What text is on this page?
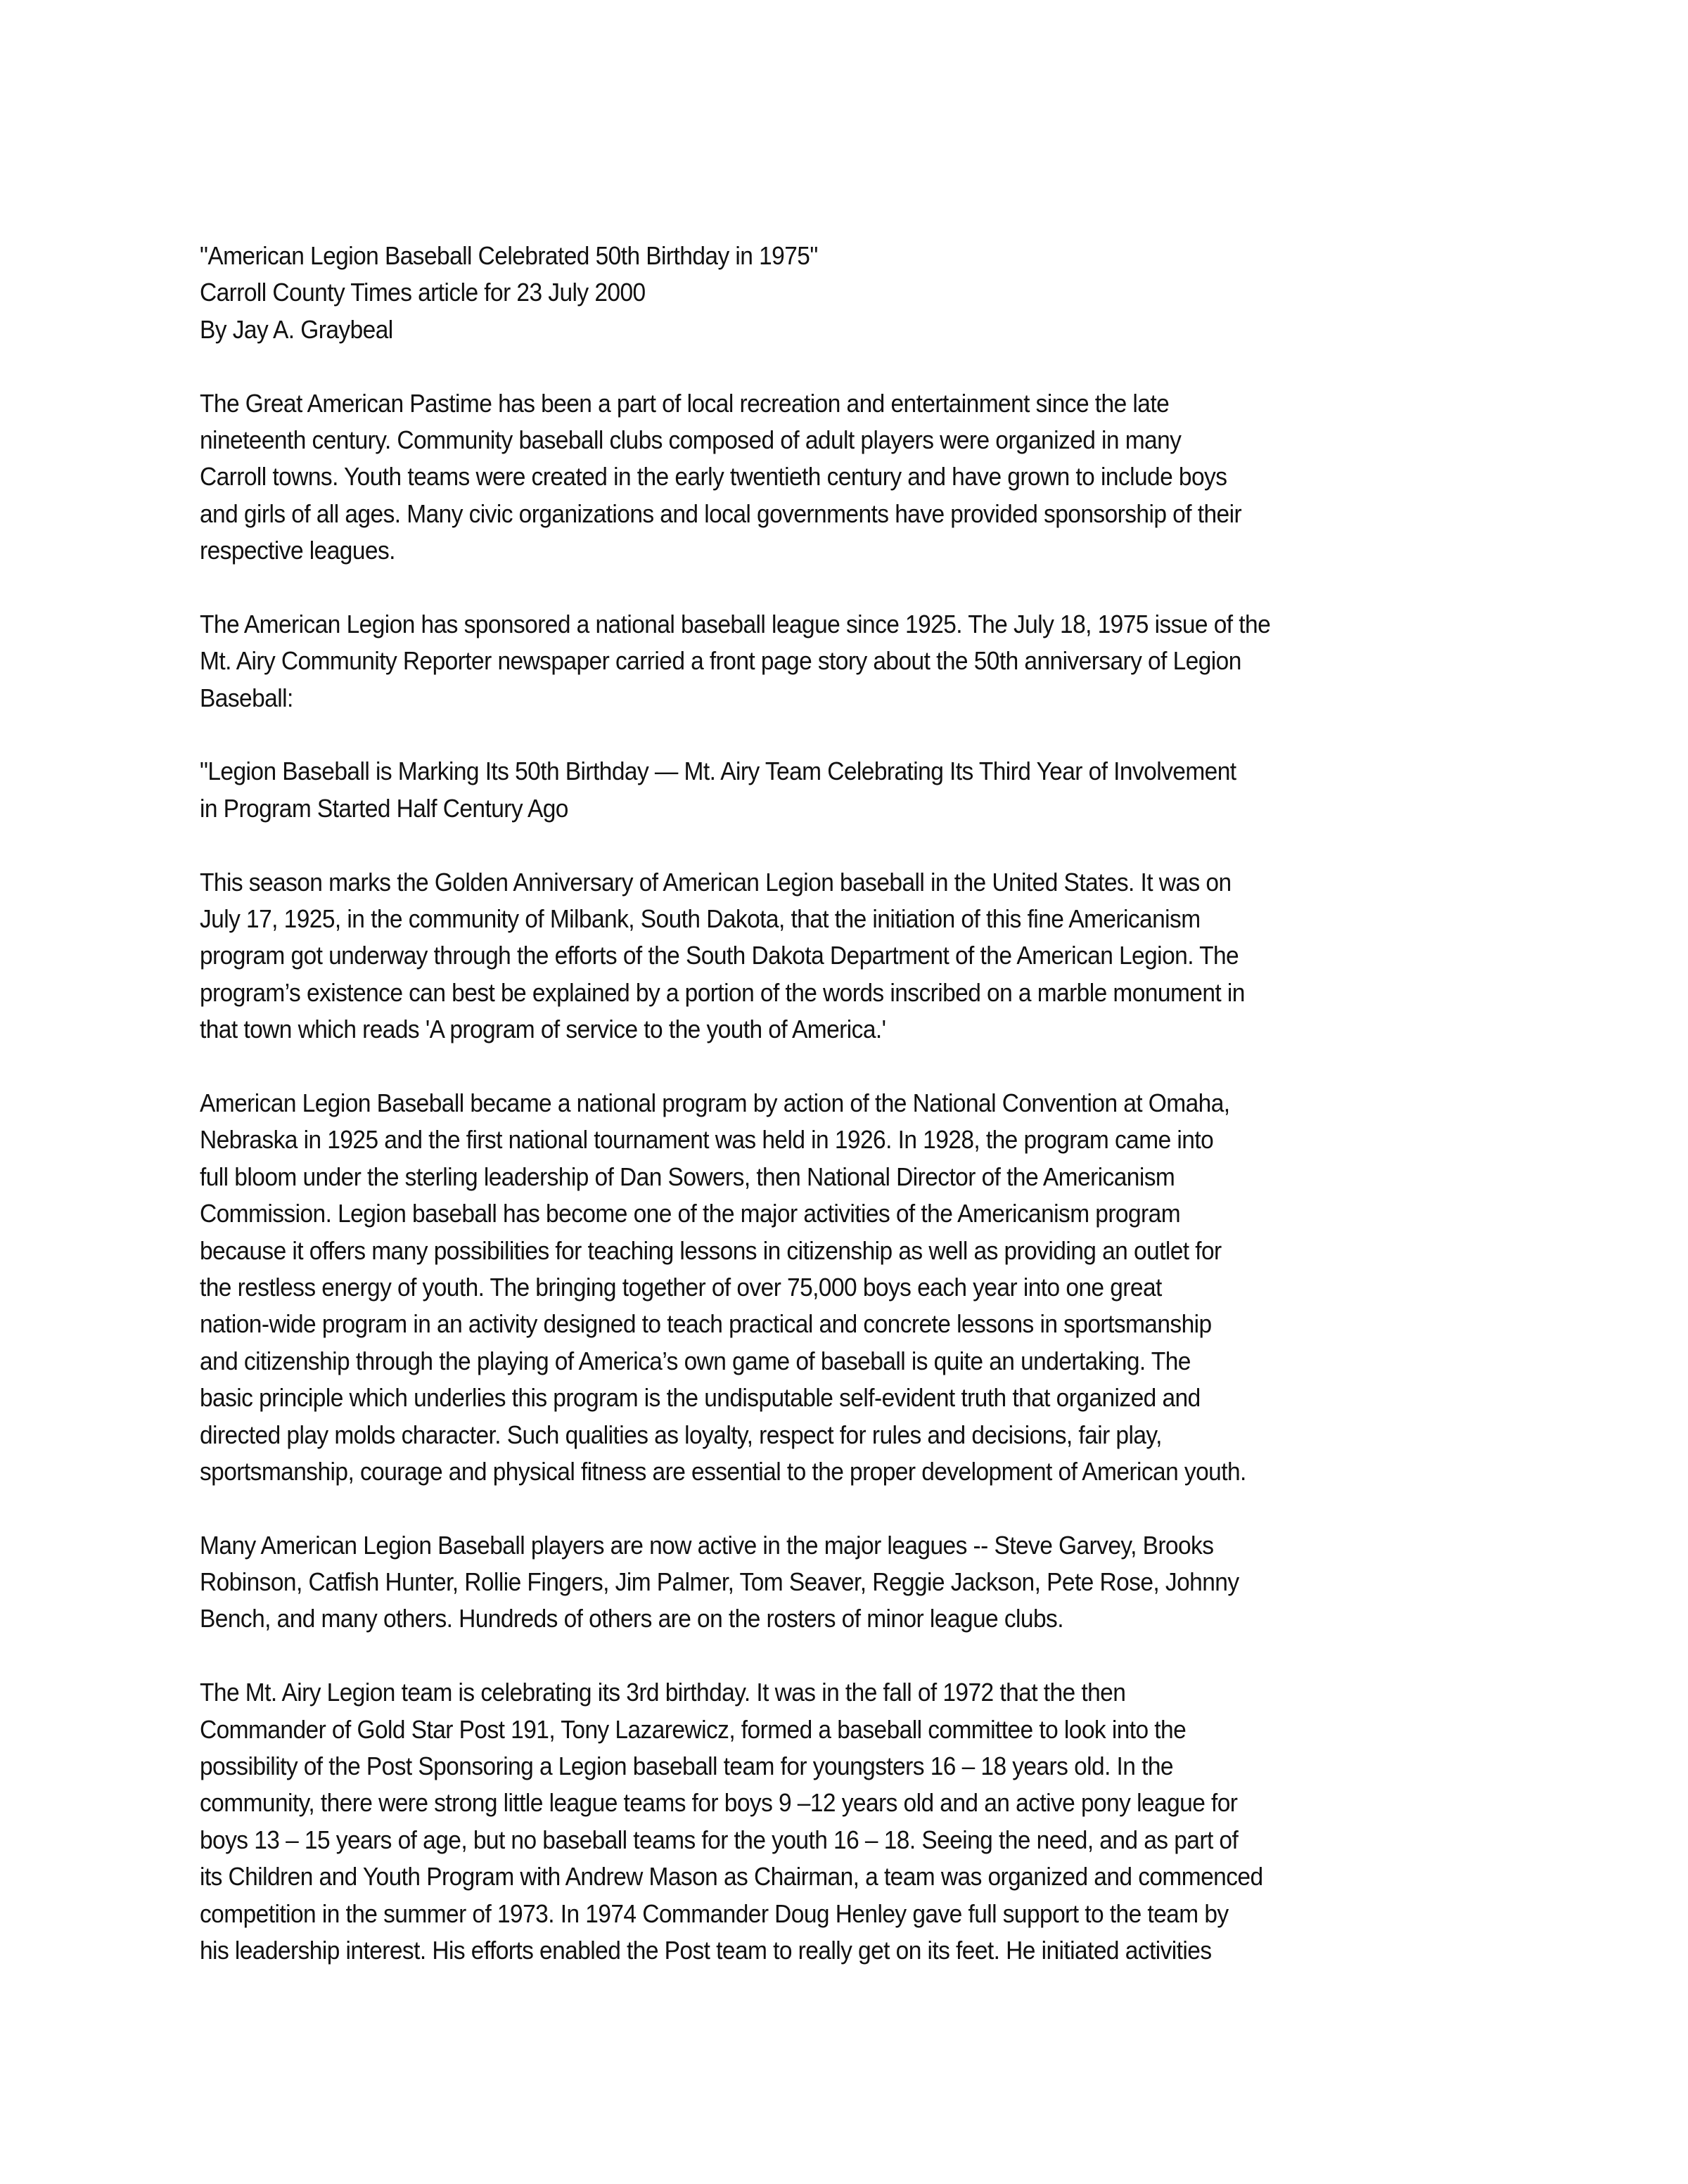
"American Legion Baseball Celebrated 50th Birthday in 1975"
Carroll County Times article for 23 July 2000
By Jay A. Graybeal
The Great American Pastime has been a part of local recreation and entertainment since the late
nineteenth century. Community baseball clubs composed of adult players were organized in many
Carroll towns. Youth teams were created in the early twentieth century and have grown to include boys
and girls of all ages. Many civic organizations and local governments have provided sponsorship of their
respective leagues.
The American Legion has sponsored a national baseball league since 1925. The July 18, 1975 issue of the
Mt. Airy Community Reporter newspaper carried a front page story about the 50th anniversary of Legion
Baseball:
"Legion Baseball is Marking Its 50th Birthday — Mt. Airy Team Celebrating Its Third Year of Involvement
in Program Started Half Century Ago
This season marks the Golden Anniversary of American Legion baseball in the United States. It was on
July 17, 1925, in the community of Milbank, South Dakota, that the initiation of this fine Americanism
program got underway through the efforts of the South Dakota Department of the American Legion. The
program’s existence can best be explained by a portion of the words inscribed on a marble monument in
that town which reads 'A program of service to the youth of America.'
American Legion Baseball became a national program by action of the National Convention at Omaha,
Nebraska in 1925 and the first national tournament was held in 1926. In 1928, the program came into
full bloom under the sterling leadership of Dan Sowers, then National Director of the Americanism
Commission. Legion baseball has become one of the major activities of the Americanism program
because it offers many possibilities for teaching lessons in citizenship as well as providing an outlet for
the restless energy of youth. The bringing together of over 75,000 boys each year into one great
nation-wide program in an activity designed to teach practical and concrete lessons in sportsmanship
and citizenship through the playing of America’s own game of baseball is quite an undertaking. The
basic principle which underlies this program is the undisputable self-evident truth that organized and
directed play molds character. Such qualities as loyalty, respect for rules and decisions, fair play,
sportsmanship, courage and physical fitness are essential to the proper development of American youth.
Many American Legion Baseball players are now active in the major leagues -- Steve Garvey, Brooks
Robinson, Catfish Hunter, Rollie Fingers, Jim Palmer, Tom Seaver, Reggie Jackson, Pete Rose, Johnny
Bench, and many others. Hundreds of others are on the rosters of minor league clubs.
The Mt. Airy Legion team is celebrating its 3rd birthday. It was in the fall of 1972 that the then
Commander of Gold Star Post 191, Tony Lazarewicz, formed a baseball committee to look into the
possibility of the Post Sponsoring a Legion baseball team for youngsters 16 – 18 years old. In the
community, there were strong little league teams for boys 9 –12 years old and an active pony league for
boys 13 – 15 years of age, but no baseball teams for the youth 16 – 18. Seeing the need, and as part of
its Children and Youth Program with Andrew Mason as Chairman, a team was organized and commenced
competition in the summer of 1973. In 1974 Commander Doug Henley gave full support to the team by
his leadership interest. His efforts enabled the Post team to really get on its feet. He initiated activities
